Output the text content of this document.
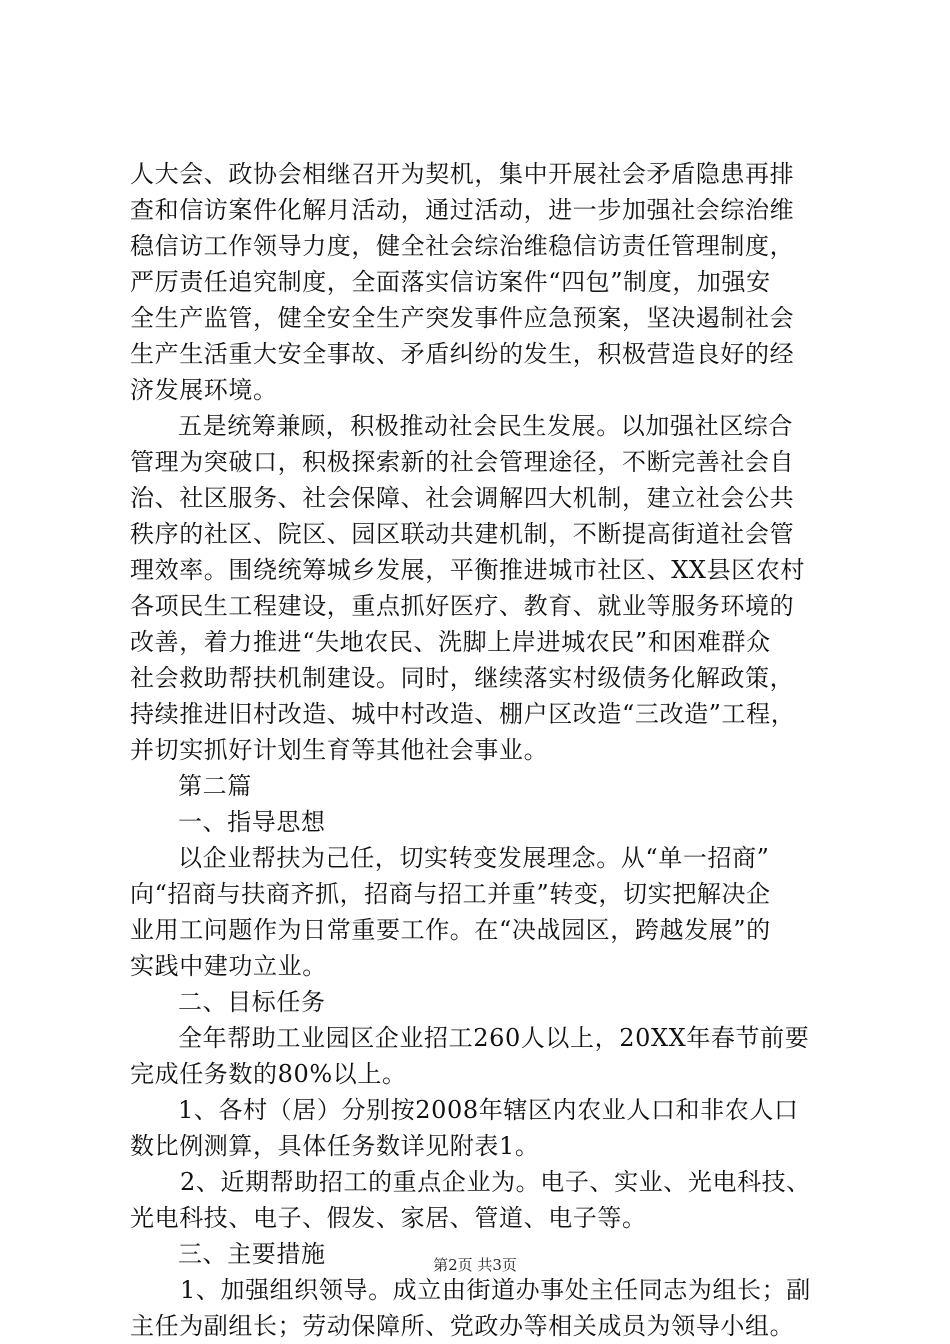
人大会、政协会相继召开为契机，集中开展社会矛盾隐患再排
查和信访案件化解月活动，通过活动，进一步加强社会综治维
稳信访工作领导力度，健全社会综治维稳信访责任管理制度，
严厉责任追究制度，全面落实信访案件“四包”制度，加强安
全生产监管，健全安全生产突发事件应急预案，坚决遏制社会
生产生活重大安全事故、矛盾纠纷的发生，积极营造良好的经
济发展环境。
五是统筹兼顾，积极推动社会民生发展。以加强社区综合
管理为突破口，积极探索新的社会管理途径，不断完善社会自
治、社区服务、社会保障、社会调解四大机制，建立社会公共
秩序的社区、院区、园区联动共建机制，不断提高街道社会管
理效率。围绕统筹城乡发展，平衡推进城市社区、XX县区农村
各项民生工程建设，重点抓好医疗、教育、就业等服务环境的
改善，着力推进“失地农民、洗脚上岸进城农民”和困难群众
社会救助帮扶机制建设。同时，继续落实村级债务化解政策，
持续推进旧村改造、城中村改造、棚户区改造“三改造”工程，
并切实抓好计划生育等其他社会事业。
第二篇
一、指导思想
以企业帮扶为己任，切实转变发展理念。从“单一招商”
向“招商与扶商齐抓，招商与招工并重”转变，切实把解决企
业用工问题作为日常重要工作。在“决战园区，跨越发展”的
实践中建功立业。
二、目标任务
全年帮助工业园区企业招工260人以上，20XX年春节前要
完成任务数的80%以上。
1、各村（居）分别按2008年辖区内农业人口和非农人口
数比例测算，具体任务数详见附表1。
2、近期帮助招工的重点企业为。电子、实业、光电科技、
光电科技、电子、假发、家居、管道、电子等。
三、主要措施
1、加强组织领导。成立由街道办事处主任同志为组长；副
主任为副组长；劳动保障所、党政办等相关成员为领导小组。
第2页 共3页
